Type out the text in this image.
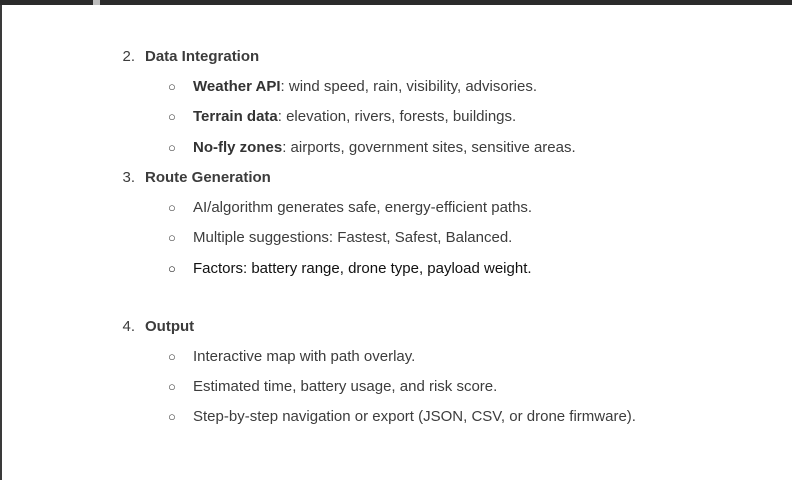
2. Data Integration
○ Weather API: wind speed, rain, visibility, advisories.
○ Terrain data: elevation, rivers, forests, buildings.
○ No-fly zones: airports, government sites, sensitive areas.
3. Route Generation
○ AI/algorithm generates safe, energy-efficient paths.
○ Multiple suggestions: Fastest, Safest, Balanced.
○ Factors: battery range, drone type, payload weight.
4. Output
○ Interactive map with path overlay.
○ Estimated time, battery usage, and risk score.
○ Step-by-step navigation or export (JSON, CSV, or drone firmware).
